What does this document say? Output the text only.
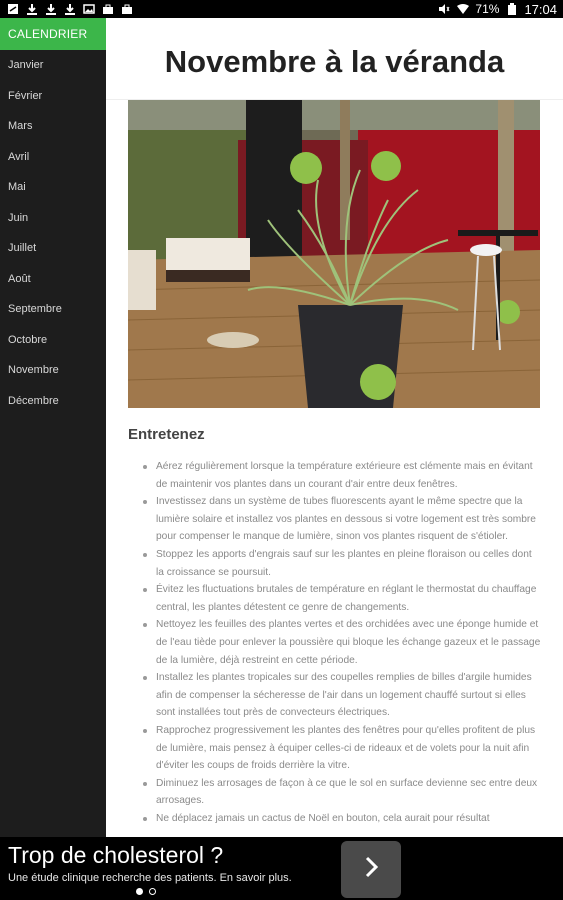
71% 17:04
CALENDRIER
Janvier
Février
Mars
Avril
Mai
Juin
Juillet
Août
Septembre
Octobre
Novembre
Décembre
Novembre à la véranda
Entretenez
Aérez régulièrement lorsque la température extérieure est clémente mais en évitant de maintenir vos plantes dans un courant d'air entre deux fenêtres.
Investissez dans un système de tubes fluorescents ayant le même spectre que la lumière solaire et installez vos plantes en dessous si votre logement est très sombre pour compenser le manque de lumière, sinon vos plantes risquent de s'étioler.
Stoppez les apports d'engrais sauf sur les plantes en pleine floraison ou celles dont la croissance se poursuit.
Évitez les fluctuations brutales de température en réglant le thermostat du chauffage central, les plantes détestent ce genre de changements.
Nettoyez les feuilles des plantes vertes et des orchidées avec une éponge humide et de l'eau tiède pour enlever la poussière qui bloque les échange gazeux et le passage de la lumière, déjà restreint en cette période.
Installez les plantes tropicales sur des coupelles remplies de billes d'argile humides afin de compenser la sécheresse de l'air dans un logement chauffé surtout si elles sont installées tout près de convecteurs électriques.
Rapprochez progressivement les plantes des fenêtres pour qu'elles profitent de plus de lumière, mais pensez à équiper celles-ci de rideaux et de volets pour la nuit afin d'éviter les coups de froids derrière la vitre.
Diminuez les arrosages de façon à ce que le sol en surface devienne sec entre deux arrosages.
Ne déplacez jamais un cactus de Noël en bouton, cela aurait pour résultat
Trop de cholesterol ?
Une étude clinique recherche des patients. En savoir plus.
